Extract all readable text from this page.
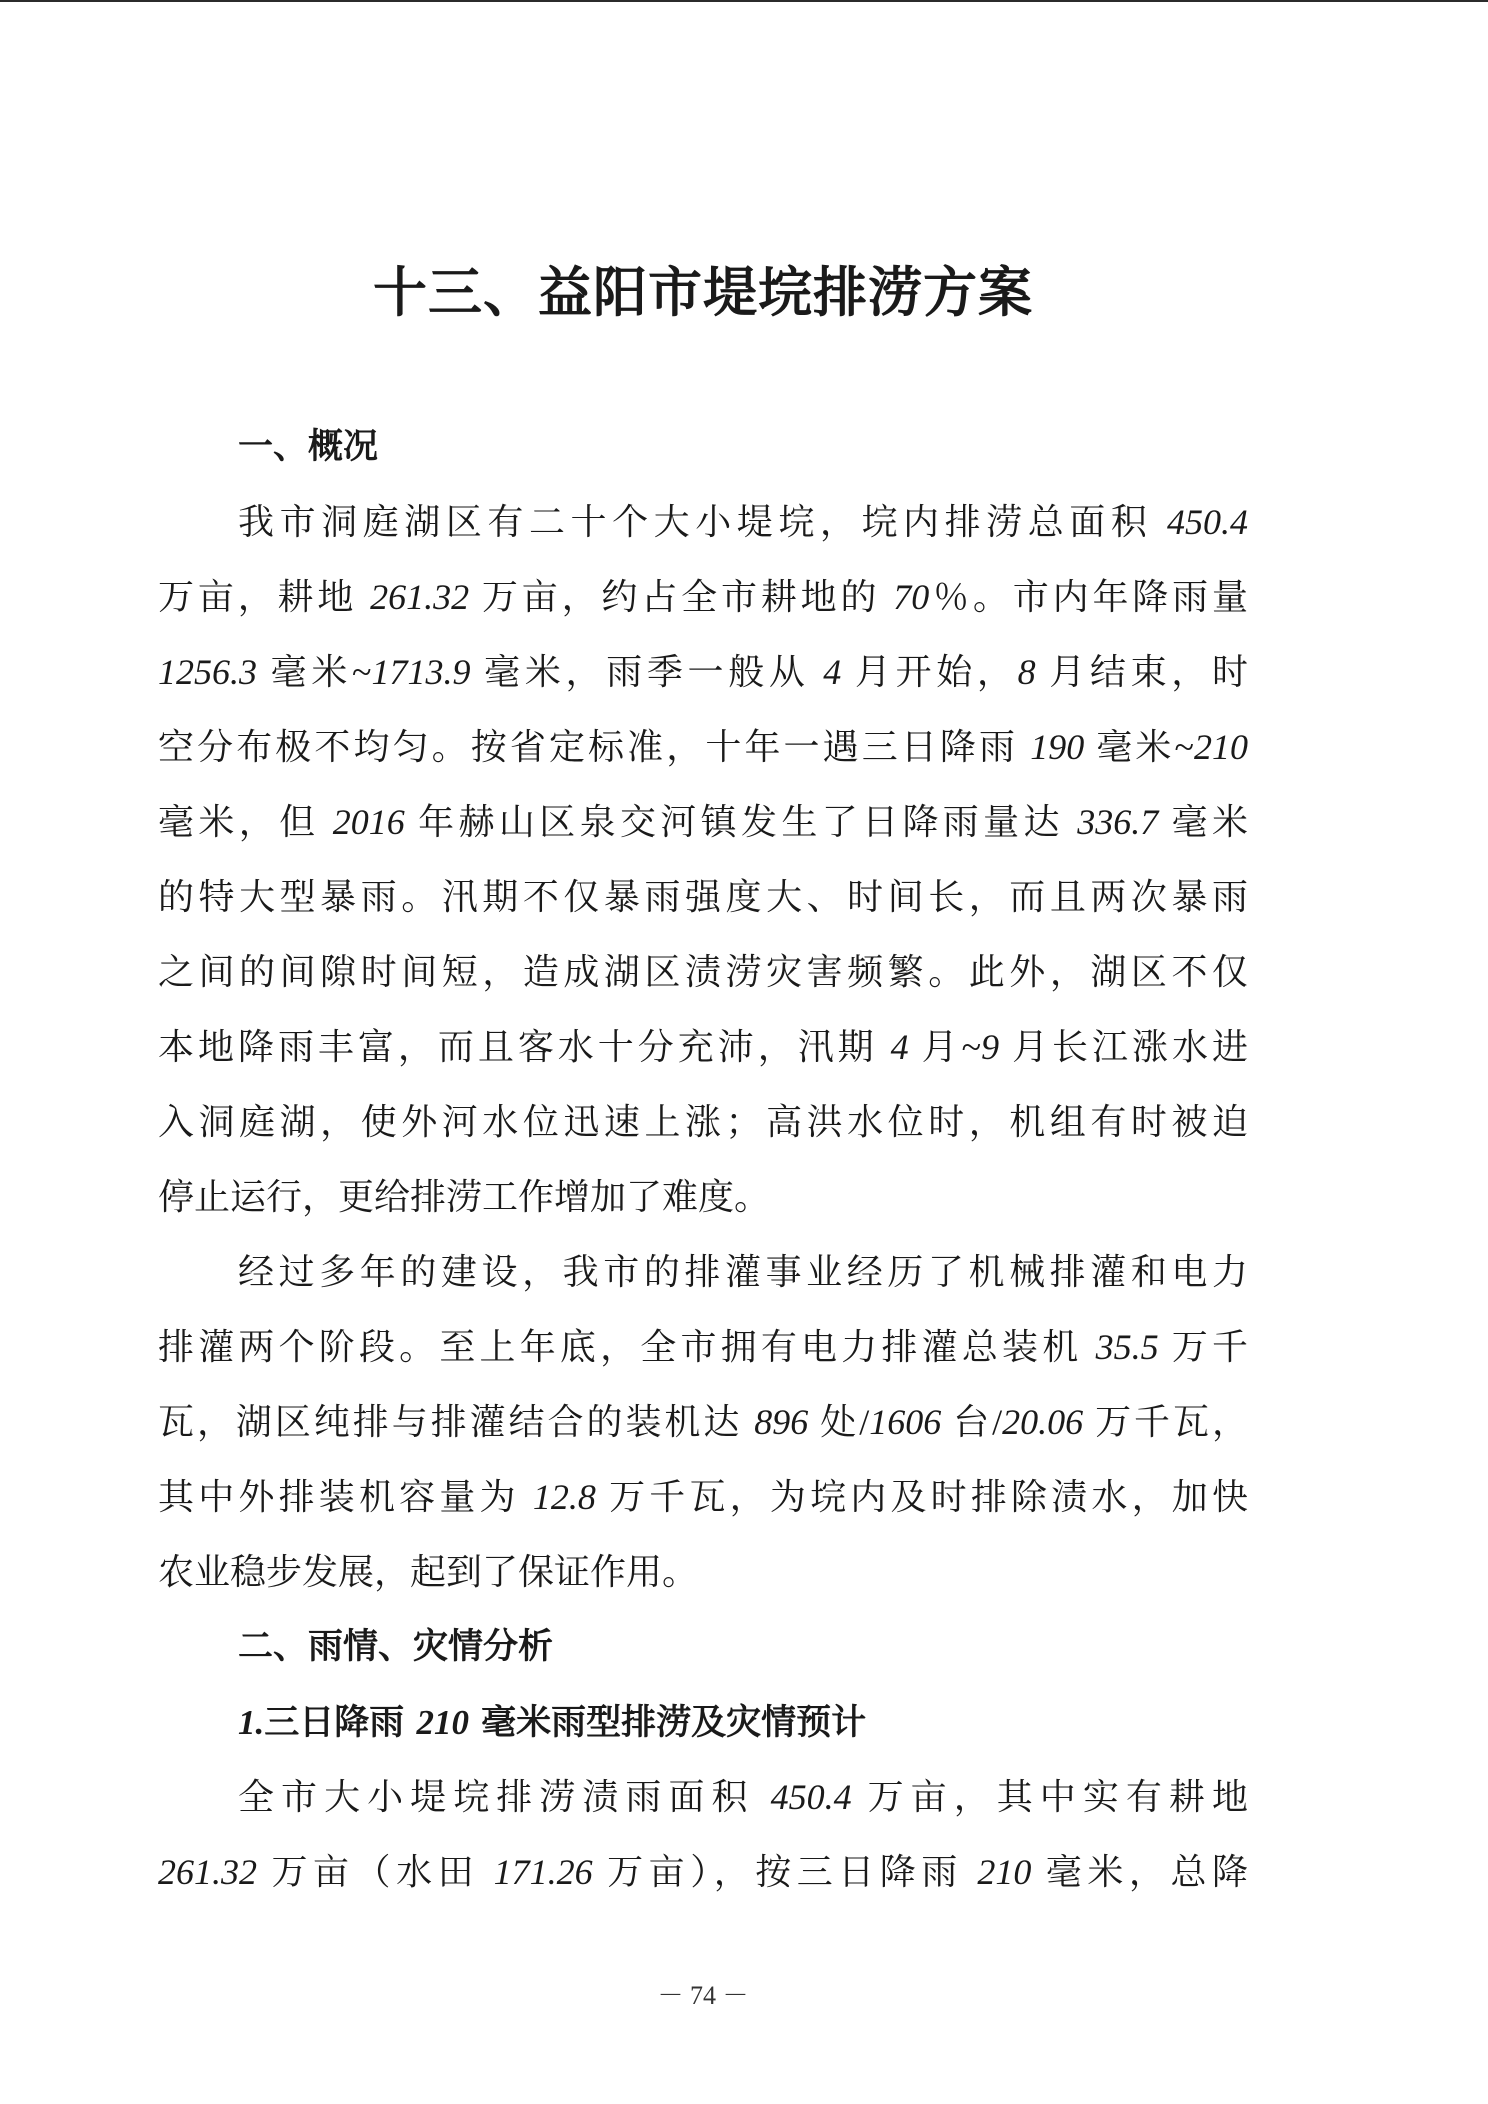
十三、益阳市堤垸排涝方案
一、概况
我市洞庭湖区有二十个大小堤垸，垸内排涝总面积 450.4
万亩，耕地 261.32 万亩，约占全市耕地的 70％。市内年降雨量
1256.3 毫米~1713.9 毫米，雨季一般从 4 月开始，8 月结束，时
空分布极不均匀。按省定标准，十年一遇三日降雨 190 毫米~210
毫米，但 2016 年赫山区泉交河镇发生了日降雨量达 336.7 毫米
的特大型暴雨。汛期不仅暴雨强度大、时间长，而且两次暴雨
之间的间隙时间短，造成湖区渍涝灾害频繁。此外，湖区不仅
本地降雨丰富，而且客水十分充沛，汛期 4 月~9 月长江涨水进
入洞庭湖，使外河水位迅速上涨；高洪水位时，机组有时被迫
停止运行，更给排涝工作增加了难度。
经过多年的建设，我市的排灌事业经历了机械排灌和电力
排灌两个阶段。至上年底，全市拥有电力排灌总装机 35.5 万千
瓦，湖区纯排与排灌结合的装机达 896 处/1606 台/20.06 万千瓦，
其中外排装机容量为 12.8 万千瓦，为垸内及时排除渍水，加快
农业稳步发展，起到了保证作用。
二、雨情、灾情分析
1.三日降雨 210 毫米雨型排涝及灾情预计
全市大小堤垸排涝渍雨面积 450.4 万亩，其中实有耕地
261.32 万亩（水田 171.26 万亩），按三日降雨 210 毫米，总降
－ 74 －
